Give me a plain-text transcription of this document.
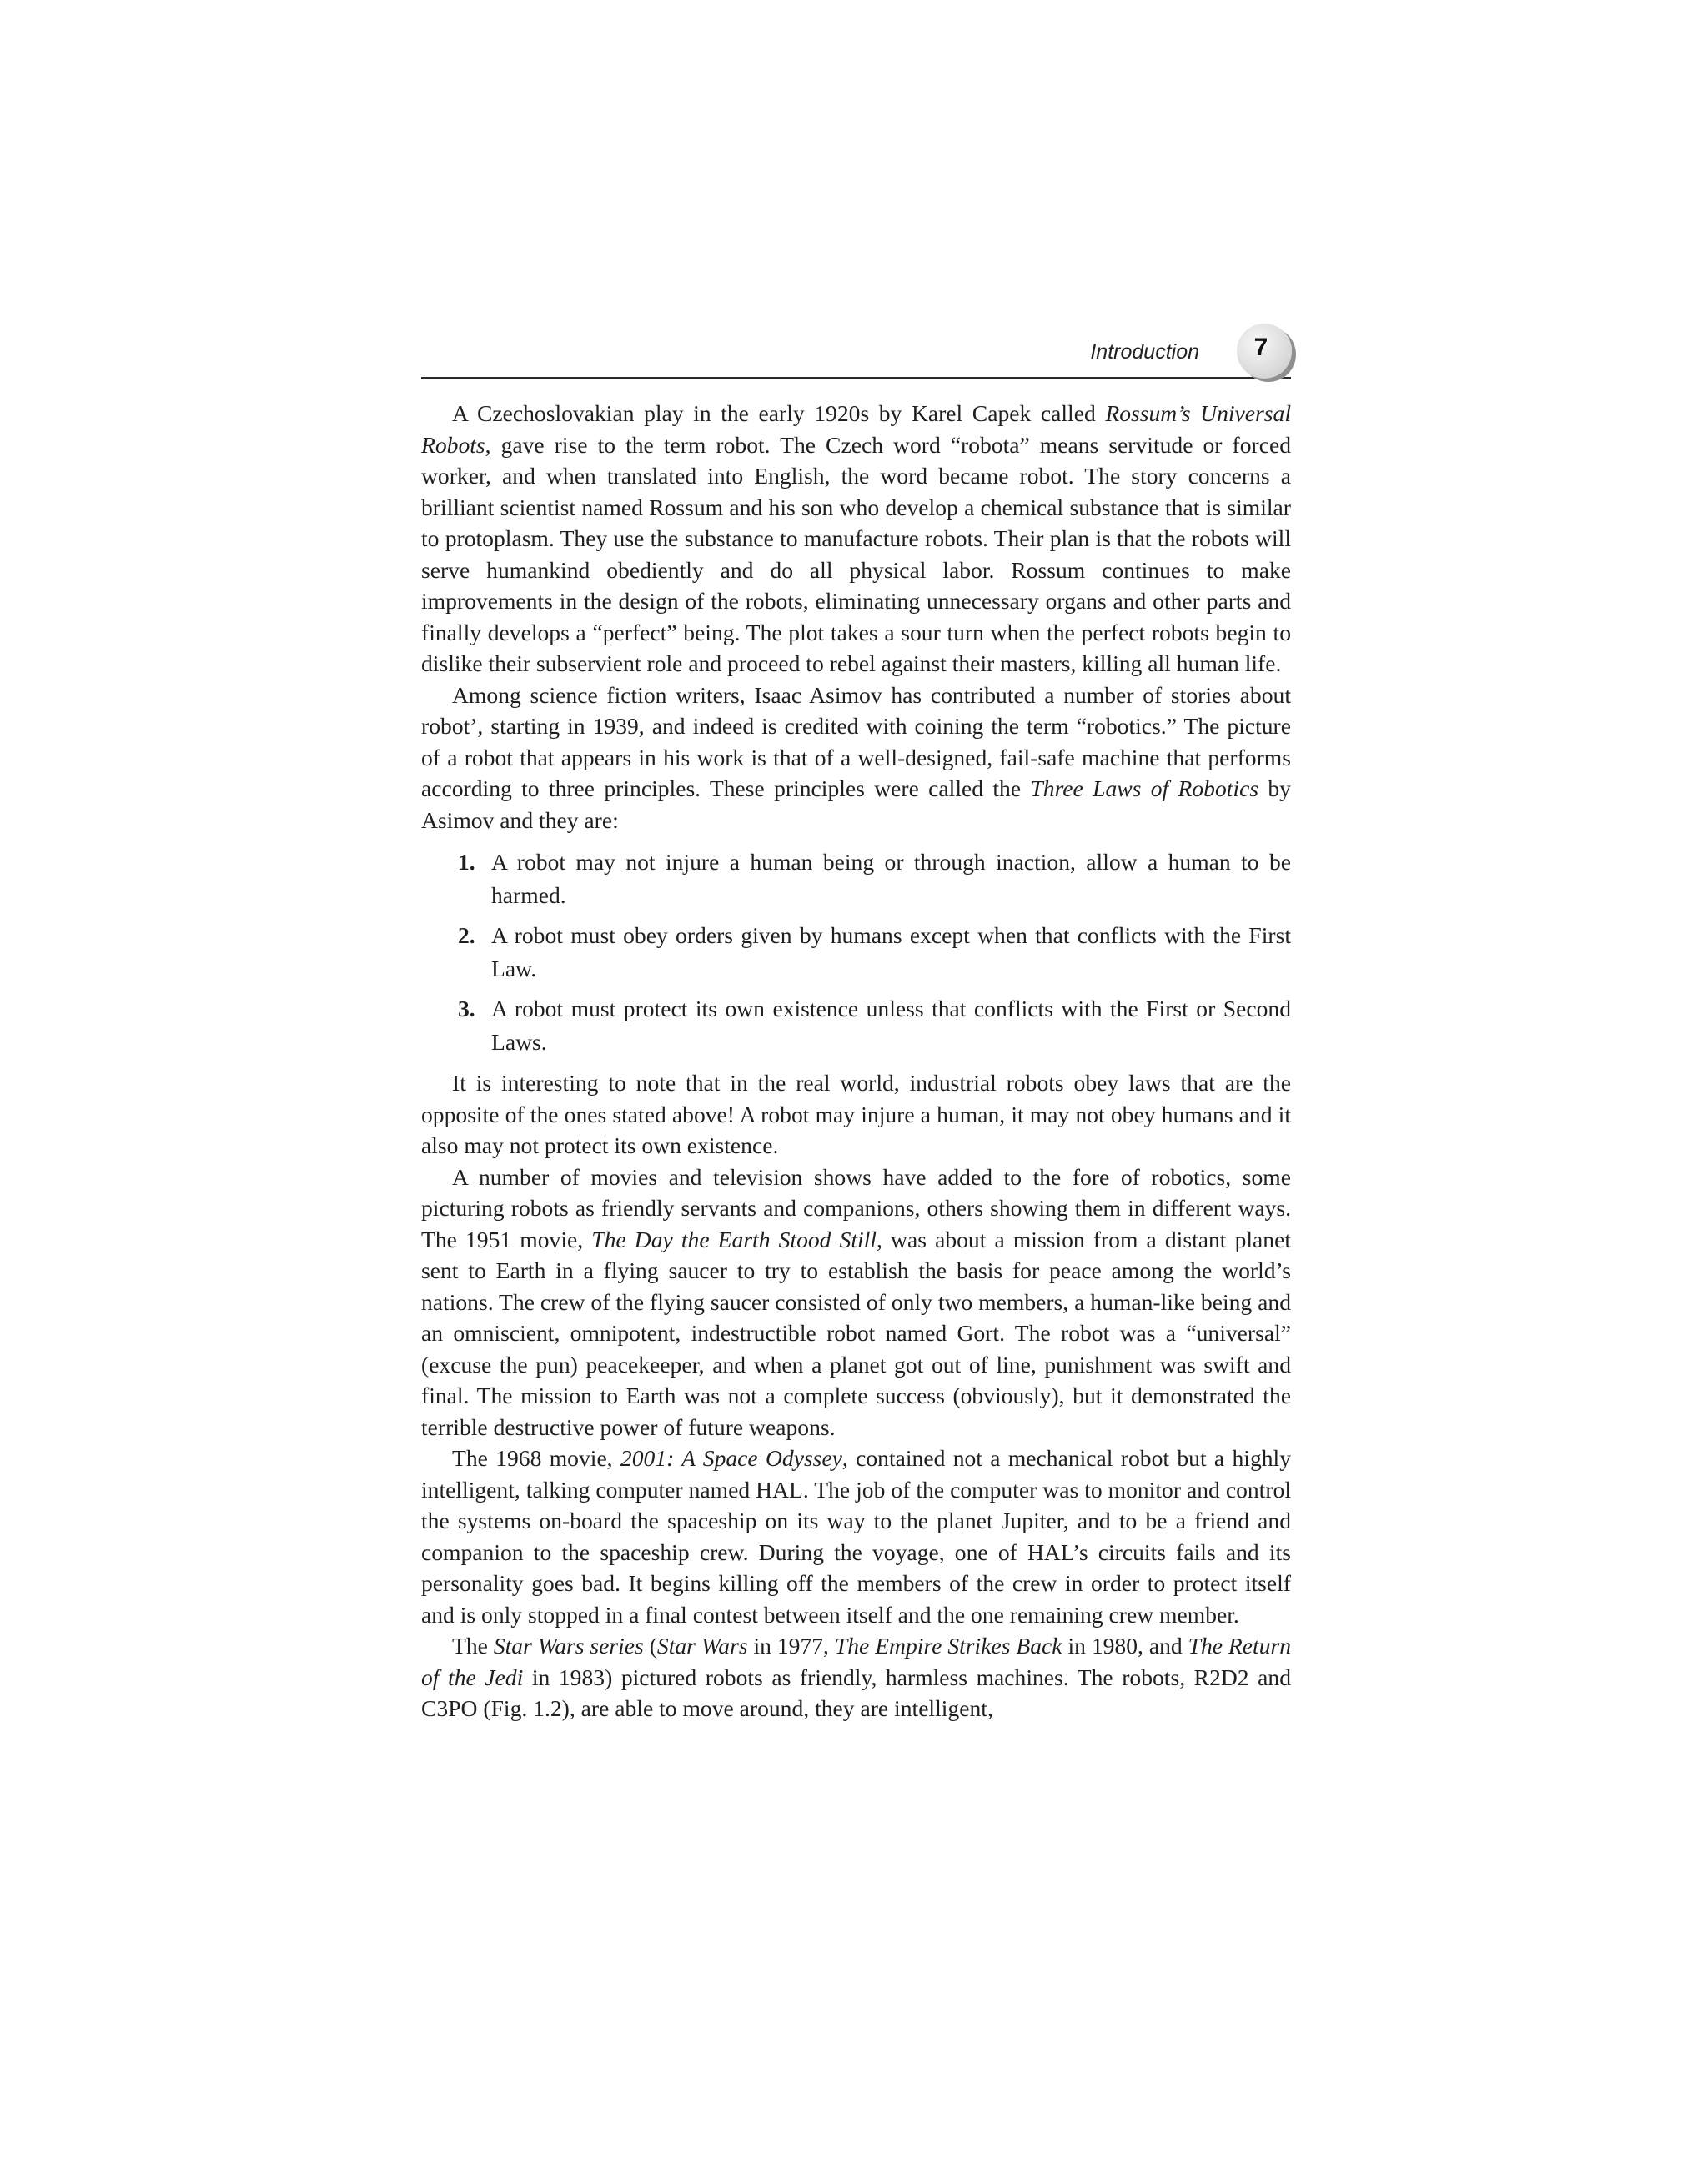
Introduction	7

A Czechoslovakian play in the early 1920s by Karel Capek called Rossum’s Universal Robots, gave rise to the term robot. The Czech word “robota” means servitude or forced worker, and when translated into English, the word became robot. The story concerns a brilliant scientist named Rossum and his son who develop a chemical substance that is similar to protoplasm. They use the substance to manufacture robots. Their plan is that the robots will serve humankind obediently and do all physical labor. Rossum continues to make improvements in the design of the robots, eliminating unnecessary organs and other parts and finally develops a “perfect” being. The plot takes a sour turn when the perfect robots begin to dislike their subservient role and proceed to rebel against their masters, killing all human life.

Among science fiction writers, Isaac Asimov has contributed a number of stories about robot’, starting in 1939, and indeed is credited with coining the term “robotics.” The picture of a robot that appears in his work is that of a well-designed, fail-safe machine that performs according to three principles. These principles were called the Three Laws of Robotics by Asimov and they are:

1. A robot may not injure a human being or through inaction, allow a human to be harmed.
2. A robot must obey orders given by humans except when that conflicts with the First Law.
3. A robot must protect its own existence unless that conflicts with the First or Second Laws.

It is interesting to note that in the real world, industrial robots obey laws that are the opposite of the ones stated above! A robot may injure a human, it may not obey humans and it also may not protect its own existence.

A number of movies and television shows have added to the fore of robotics, some picturing robots as friendly servants and companions, others showing them in different ways. The 1951 movie, The Day the Earth Stood Still, was about a mission from a distant planet sent to Earth in a flying saucer to try to establish the basis for peace among the world’s nations. The crew of the flying saucer consisted of only two members, a human-like being and an omniscient, omnipotent, indestructible robot named Gort. The robot was a “universal” (excuse the pun) peacekeeper, and when a planet got out of line, punishment was swift and final. The mission to Earth was not a complete success (obviously), but it demonstrated the terrible destructive power of future weapons.

The 1968 movie, 2001: A Space Odyssey, contained not a mechanical robot but a highly intelligent, talking computer named HAL. The job of the computer was to monitor and control the systems on-board the spaceship on its way to the planet Jupiter, and to be a friend and companion to the spaceship crew. During the voyage, one of HAL’s circuits fails and its personality goes bad. It begins killing off the members of the crew in order to protect itself and is only stopped in a final contest between itself and the one remaining crew member.

The Star Wars series (Star Wars in 1977, The Empire Strikes Back in 1980, and The Return of the Jedi in 1983) pictured robots as friendly, harmless machines. The robots, R2D2 and C3PO (Fig. 1.2), are able to move around, they are intelligent,
